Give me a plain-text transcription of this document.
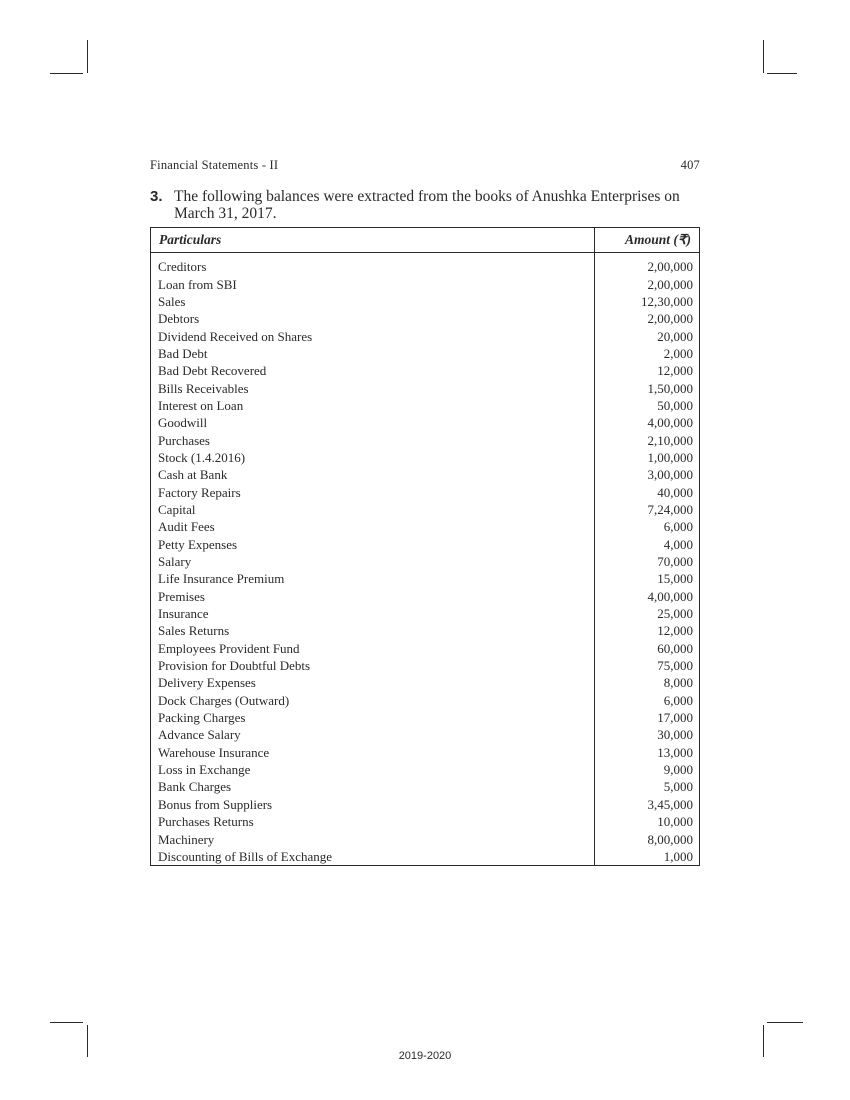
Financial Statements - II	407
3. The following balances were extracted from the books of Anushka Enterprises on March 31, 2017.
Particulars	Amount (₹)

Creditors	2,00,000
Loan from SBI	2,00,000
Sales	12,30,000
Debtors	2,00,000
Dividend Received on Shares	20,000
Bad Debt	2,000
Bad Debt Recovered	12,000
Bills Receivables	1,50,000
Interest on Loan	50,000
Goodwill	4,00,000
Purchases	2,10,000
Stock (1.4.2016)	1,00,000
Cash at Bank	3,00,000
Factory Repairs	40,000
Capital	7,24,000
Audit Fees	6,000
Petty Expenses	4,000
Salary	70,000
Life Insurance Premium	15,000
Premises	4,00,000
Insurance	25,000
Sales Returns	12,000
Employees Provident Fund	60,000
Provision for Doubtful Debts	75,000
Delivery Expenses	8,000
Dock Charges (Outward)	6,000
Packing Charges	17,000
Advance Salary	30,000
Warehouse Insurance	13,000
Loss in Exchange	9,000
Bank Charges	5,000
Bonus from Suppliers	3,45,000
Purchases Returns	10,000
Machinery	8,00,000
Discounting of Bills of Exchange	1,000
2019-2020
